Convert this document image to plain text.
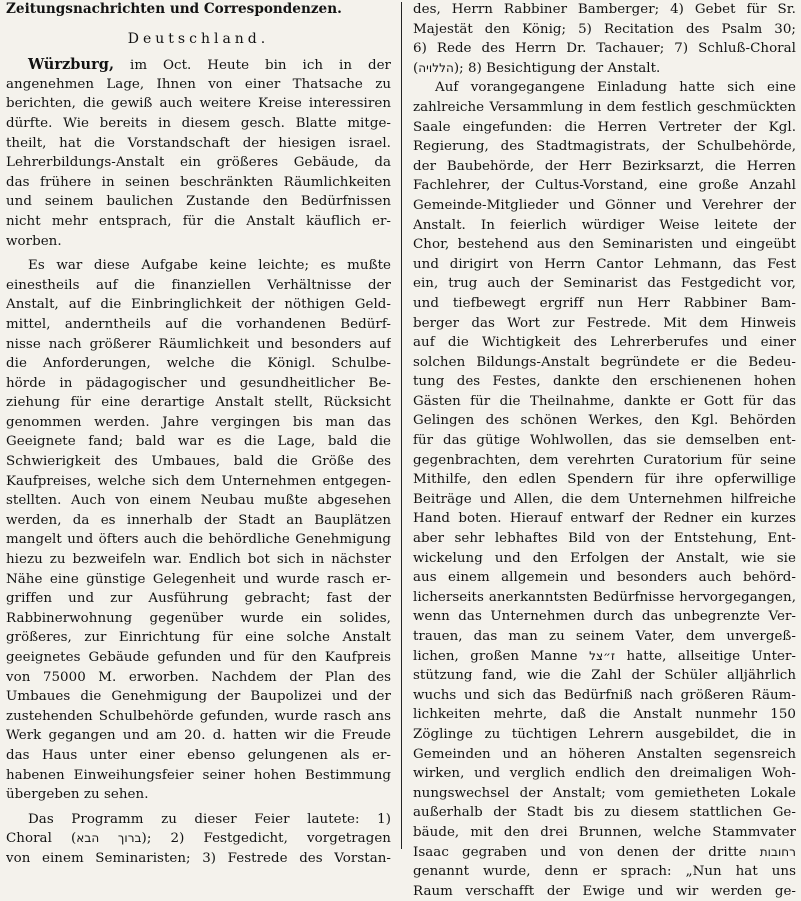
Zeitungsnachrichten und Correspondenzen.
Deutschland.
Würzburg, im Oct. Heute bin ich in der
angenehmen Lage, Ihnen von einer Thatsache zu
berichten, die gewiß auch weitere Kreise interessiren
dürfte. Wie bereits in diesem gesch. Blatte mitge-
theilt, hat die Vorstandschaft der hiesigen israel.
Lehrerbildungs-Anstalt ein größeres Gebäude, da
das frühere in seinen beschränkten Räumlichkeiten
und seinem baulichen Zustande den Bedürfnissen
nicht mehr entsprach, für die Anstalt käuflich er-
worben.
Es war diese Aufgabe keine leichte; es mußte
einestheils auf die finanziellen Verhältnisse der
Anstalt, auf die Einbringlichkeit der nöthigen Geld-
mittel, anderntheils auf die vorhandenen Bedürf-
nisse nach größerer Räumlichkeit und besonders auf
die Anforderungen, welche die Königl. Schulbe-
hörde in pädagogischer und gesundheitlicher Be-
ziehung für eine derartige Anstalt stellt, Rücksicht
genommen werden. Jahre vergingen bis man das
Geeignete fand; bald war es die Lage, bald die
Schwierigkeit des Umbaues, bald die Größe des
Kaufpreises, welche sich dem Unternehmen entgegen-
stellten. Auch von einem Neubau mußte abgesehen
werden, da es innerhalb der Stadt an Bauplätzen
mangelt und öfters auch die behördliche Genehmigung
hiezu zu bezweifeln war. Endlich bot sich in nächster
Nähe eine günstige Gelegenheit und wurde rasch er-
griffen und zur Ausführung gebracht; fast der
Rabbinerwohnung gegenüber wurde ein solides,
größeres, zur Einrichtung für eine solche Anstalt
geeignetes Gebäude gefunden und für den Kaufpreis
von 75000 M. erworben. Nachdem der Plan des
Umbaues die Genehmigung der Baupolizei und der
zustehenden Schulbehörde gefunden, wurde rasch ans
Werk gegangen und am 20. d. hatten wir die Freude
das Haus unter einer ebenso gelungenen als er-
habenen Einweihungsfeier seiner hohen Bestimmung
übergeben zu sehen.
Das Programm zu dieser Feier lautete: 1)
Choral (ברוך הבא); 2) Festgedicht, vorgetragen
von einem Seminaristen; 3) Festrede des Vorstan-
des, Herrn Rabbiner Bamberger; 4) Gebet für Sr.
Majestät den König; 5) Recitation des Psalm 30;
6) Rede des Herrn Dr. Tachauer; 7) Schluß-Choral
(הללויה); 8) Besichtigung der Anstalt.
Auf vorangegangene Einladung hatte sich eine
zahlreiche Versammlung in dem festlich geschmückten
Saale eingefunden: die Herren Vertreter der Kgl.
Regierung, des Stadtmagistrats, der Schulbehörde,
der Baubehörde, der Herr Bezirksarzt, die Herren
Fachlehrer, der Cultus-Vorstand, eine große Anzahl
Gemeinde-Mitglieder und Gönner und Verehrer der
Anstalt. In feierlich würdiger Weise leitete der
Chor, bestehend aus den Seminaristen und eingeübt
und dirigirt von Herrn Cantor Lehmann, das Fest
ein, trug auch der Seminarist das Festgedicht vor,
und tiefbewegt ergriff nun Herr Rabbiner Bam-
berger das Wort zur Festrede. Mit dem Hinweis
auf die Wichtigkeit des Lehrerberufes und einer
solchen Bildungs-Anstalt begründete er die Bedeu-
tung des Festes, dankte den erschienenen hohen
Gästen für die Theilnahme, dankte er Gott für das
Gelingen des schönen Werkes, den Kgl. Behörden
für das gütige Wohlwollen, das sie demselben ent-
gegenbrachten, dem verehrten Curatorium für seine
Mithilfe, den edlen Spendern für ihre opferwillige
Beiträge und Allen, die dem Unternehmen hilfreiche
Hand boten. Hierauf entwarf der Redner ein kurzes
aber sehr lebhaftes Bild von der Entstehung, Ent-
wickelung und den Erfolgen der Anstalt, wie sie
aus einem allgemein und besonders auch behörd-
licherseits anerkanntsten Bedürfnisse hervorgegangen,
wenn das Unternehmen durch das unbegrenzte Ver-
trauen, das man zu seinem Vater, dem unvergeß-
lichen, großen Manne ז״צל hatte, allseitige Unter-
stützung fand, wie die Zahl der Schüler alljährlich
wuchs und sich das Bedürfniß nach größeren Räum-
lichkeiten mehrte, daß die Anstalt nunmehr 150
Zöglinge zu tüchtigen Lehrern ausgebildet, die in
Gemeinden und an höheren Anstalten segensreich
wirken, und verglich endlich den dreimaligen Woh-
nungswechsel der Anstalt; vom gemietheten Lokale
außerhalb der Stadt bis zu diesem stattlichen Ge-
bäude, mit den drei Brunnen, welche Stammvater
Isaac gegraben und von denen der dritte רחובות
genannt wurde, denn er sprach: „Nun hat uns
Raum verschafft der Ewige und wir werden ge-
